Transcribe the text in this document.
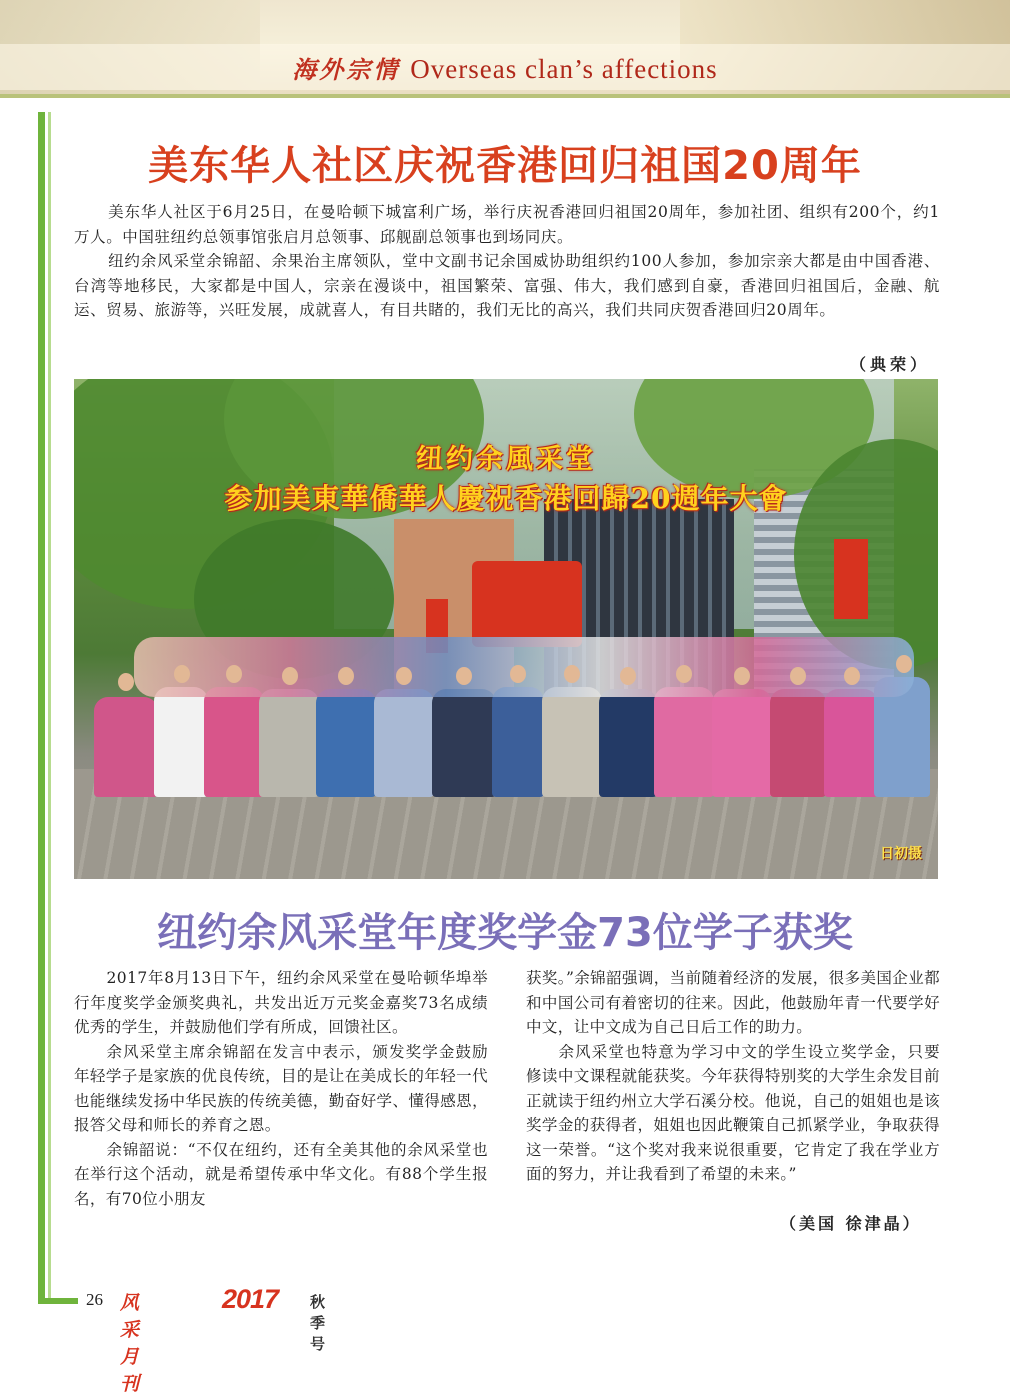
海外宗情 Overseas clan’s affections
美东华人社区庆祝香港回归祖国20周年

美东华人社区于6月25日，在曼哈顿下城富利广场，举行庆祝香港回归祖国20周年，参加社团、组织有200个，约1万人。中国驻纽约总领事馆张启月总领事、邱舰副总领事也到场同庆。

纽约余风采堂余锦韶、余果治主席领队，堂中文副书记余国威协助组织约100人参加，参加宗亲大都是由中国香港、台湾等地移民，大家都是中国人，宗亲在漫谈中，祖国繁荣、富强、伟大，我们感到自豪，香港回归祖国后，金融、航运、贸易、旅游等，兴旺发展，成就喜人，有目共睹的，我们无比的高兴，我们共同庆贺香港回归20周年。

（典荣）
纽约余風采堂
参加美東華僑華人慶祝香港回歸20週年大會
日初摄
纽约余风采堂年度奖学金73位学子获奖

2017年8月13日下午，纽约余风采堂在曼哈顿华埠举行年度奖学金颁奖典礼，共发出近万元奖金嘉奖73名成绩优秀的学生，并鼓励他们学有所成，回馈社区。

余风采堂主席余锦韶在发言中表示，颁发奖学金鼓励年轻学子是家族的优良传统，目的是让在美成长的年轻一代也能继续发扬中华民族的传统美德，勤奋好学、懂得感恩，报答父母和师长的养育之恩。

余锦韶说：“不仅在纽约，还有全美其他的余风采堂也在举行这个活动，就是希望传承中华文化。有88个学生报名，有70位小朋友

获奖。”余锦韶强调，当前随着经济的发展，很多美国企业都和中国公司有着密切的往来。因此，他鼓励年青一代要学好中文，让中文成为自己日后工作的助力。

余风采堂也特意为学习中文的学生设立奖学金，只要修读中文课程就能获奖。今年获得特别奖的大学生余发目前正就读于纽约州立大学石溪分校。他说，自己的姐姐也是该奖学金的获得者，姐姐也因此鞭策自己抓紧学业，争取获得这一荣誉。“这个奖对我来说很重要，它肯定了我在学业方面的努力，并让我看到了希望的未来。”

（美国 徐津晶）
26 风采月刊
2017 秋季号
